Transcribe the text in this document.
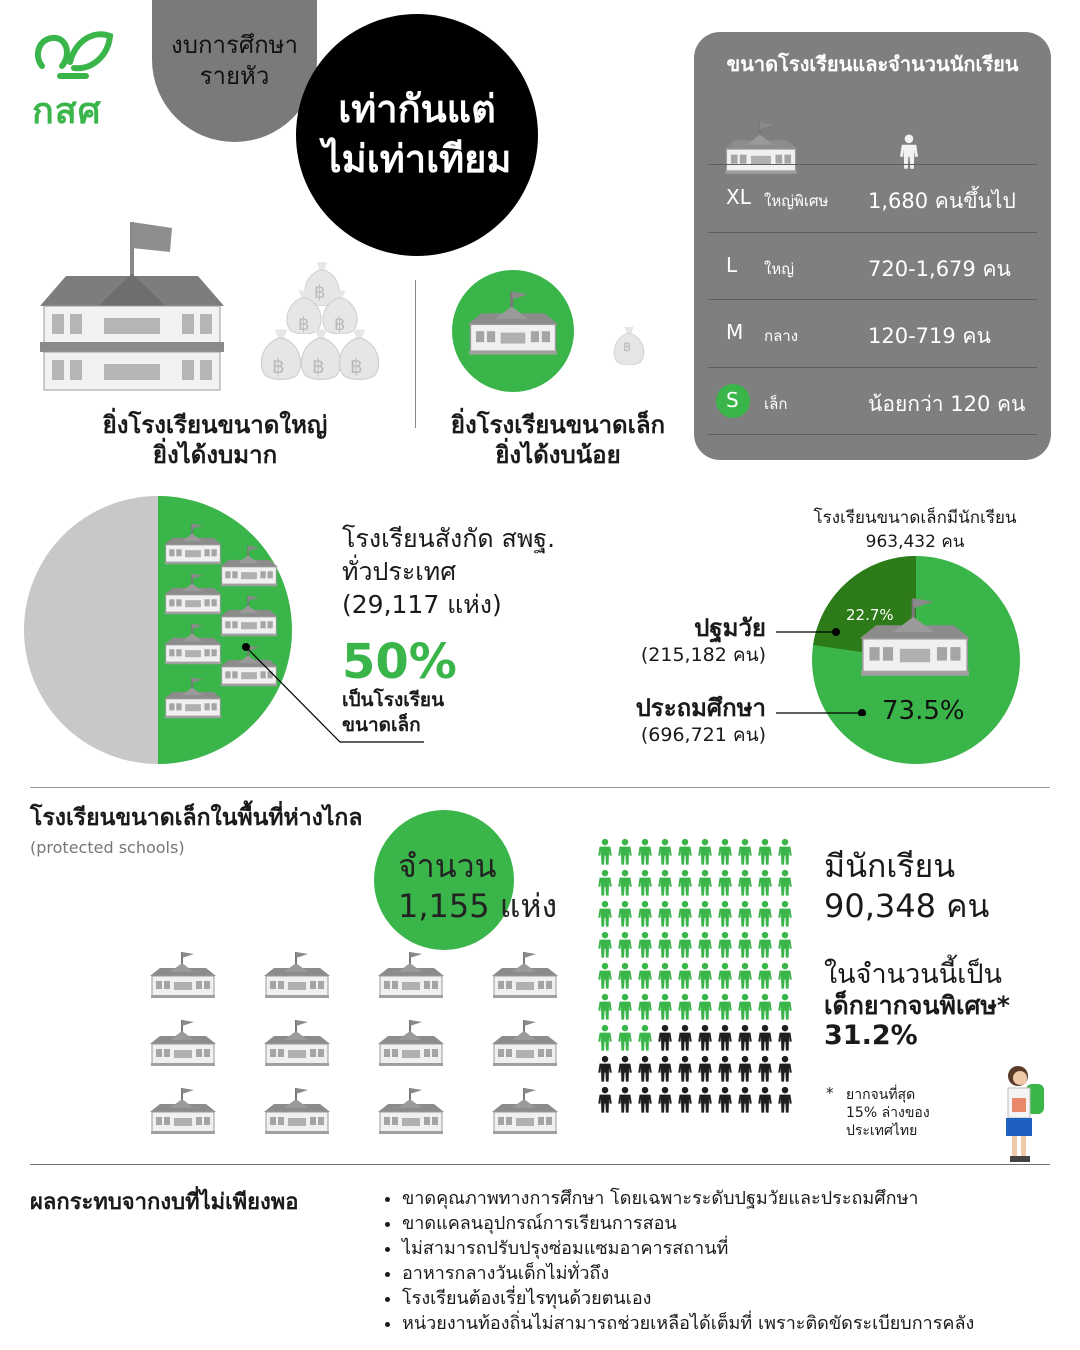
กสศ
งบการศึกษา
รายหัว
เท่ากันแต่
ไม่เท่าเทียม
฿
฿ ฿
฿ ฿ ฿
ยิ่งโรงเรียนขนาดใหญ่
ยิ่งได้งบมาก
฿
ยิ่งโรงเรียนขนาดเล็ก
ยิ่งได้งบน้อย
ขนาดโรงเรียนและจำนวนนักเรียน
XL ใหญ่พิเศษ 1,680 คนขึ้นไป
L ใหญ่	720-1,679 คน
M กลาง	120-719 คน
S เล็ก	น้อยกว่า 120 คน
โรงเรียนสังกัด สพฐ.
ทั่วประเทศ
(29,117 แห่ง)
50%
เป็นโรงเรียน
ขนาดเล็ก
โรงเรียนขนาดเล็กมีนักเรียน
963,432 คน
22.7%
73.5%
ปฐมวัย
(215,182 คน)
ประถมศึกษา
(696,721 คน)
โรงเรียนขนาดเล็กในพื้นที่ห่างไกล
(protected schools)	จำนวน
1,155 แห่ง
มีนักเรียน
90,348 คน
ในจำนวนนี้เป็น
เด็กยากจนพิเศษ*
31.2%
* ยากจนที่สุด
15% ล่างของ
ประเทศไทย
ผลกระทบจากงบที่ไม่เพียงพอ
•	ขาดคุณภาพทางการศึกษา โดยเฉพาะระดับปฐมวัยและประถมศึกษา
• ขาดแคลนอุปกรณ์การเรียนการสอน
• ไม่สามารถปรับปรุงซ่อมแซมอาคารสถานที่
• อาหารกลางวันเด็กไม่ทั่วถึง
• โรงเรียนต้องเรี่ยไรทุนด้วยตนเอง
• หน่วยงานท้องถิ่นไม่สามารถช่วยเหลือได้เต็มที่ เพราะติดขัดระเบียบการคลัง
